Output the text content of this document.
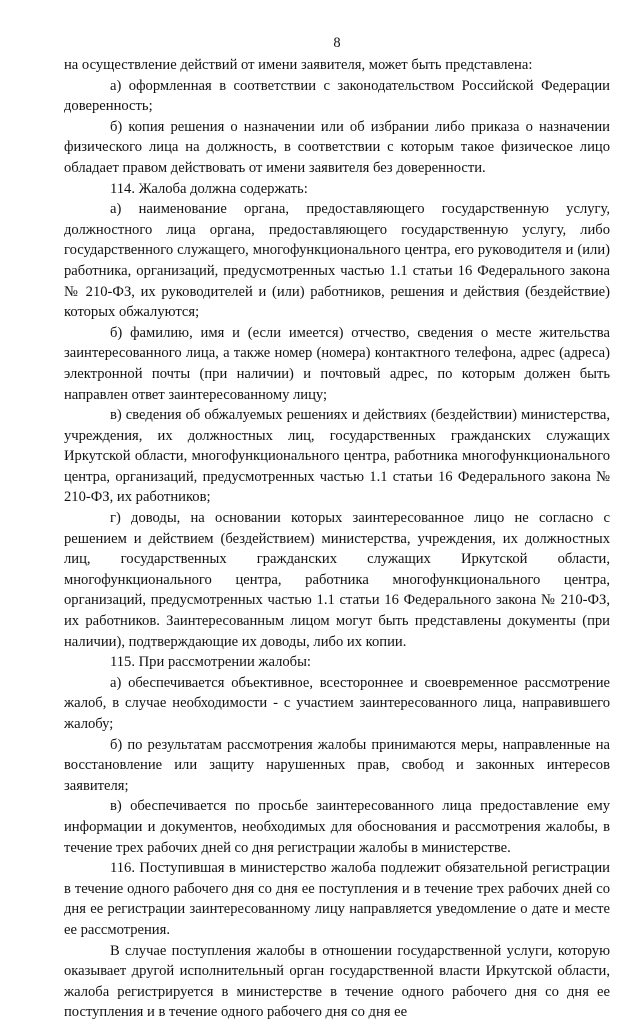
8

на осуществление действий от имени заявителя, может быть представлена:

а) оформленная в соответствии с законодательством Российской Федерации доверенность;

б) копия решения о назначении или об избрании либо приказа о назначении физического лица на должность, в соответствии с которым такое физическое лицо обладает правом действовать от имени заявителя без доверенности.

114. Жалоба должна содержать:

а) наименование органа, предоставляющего государственную услугу, должностного лица органа, предоставляющего государственную услугу, либо государственного служащего, многофункционального центра, его руководителя и (или) работника, организаций, предусмотренных частью 1.1 статьи 16 Федерального закона № 210-ФЗ, их руководителей и (или) работников, решения и действия (бездействие) которых обжалуются;

б) фамилию, имя и (если имеется) отчество, сведения о месте жительства заинтересованного лица, а также номер (номера) контактного телефона, адрес (адреса) электронной почты (при наличии) и почтовый адрес, по которым должен быть направлен ответ заинтересованному лицу;

в) сведения об обжалуемых решениях и действиях (бездействии) министерства, учреждения, их должностных лиц, государственных гражданских служащих Иркутской области, многофункционального центра, работника многофункционального центра, организаций, предусмотренных частью 1.1 статьи 16 Федерального закона № 210-ФЗ, их работников;

г) доводы, на основании которых заинтересованное лицо не согласно с решением и действием (бездействием) министерства, учреждения, их должностных лиц, государственных гражданских служащих Иркутской области, многофункционального центра, работника многофункционального центра, организаций, предусмотренных частью 1.1 статьи 16 Федерального закона № 210-ФЗ, их работников. Заинтересованным лицом могут быть представлены документы (при наличии), подтверждающие их доводы, либо их копии.

115. При рассмотрении жалобы:

а) обеспечивается объективное, всестороннее и своевременное рассмотрение жалоб, в случае необходимости - с участием заинтересованного лица, направившего жалобу;

б) по результатам рассмотрения жалобы принимаются меры, направленные на восстановление или защиту нарушенных прав, свобод и законных интересов заявителя;

в) обеспечивается по просьбе заинтересованного лица предоставление ему информации и документов, необходимых для обоснования и рассмотрения жалобы, в течение трех рабочих дней со дня регистрации жалобы в министерстве.

116. Поступившая в министерство жалоба подлежит обязательной регистрации в течение одного рабочего дня со дня ее поступления и в течение трех рабочих дней со дня ее регистрации заинтересованному лицу направляется уведомление о дате и месте ее рассмотрения.

В случае поступления жалобы в отношении государственной услуги, которую оказывает другой исполнительный орган государственной власти Иркутской области, жалоба регистрируется в министерстве в течение одного рабочего дня со дня ее поступления и в течение одного рабочего дня со дня ее
